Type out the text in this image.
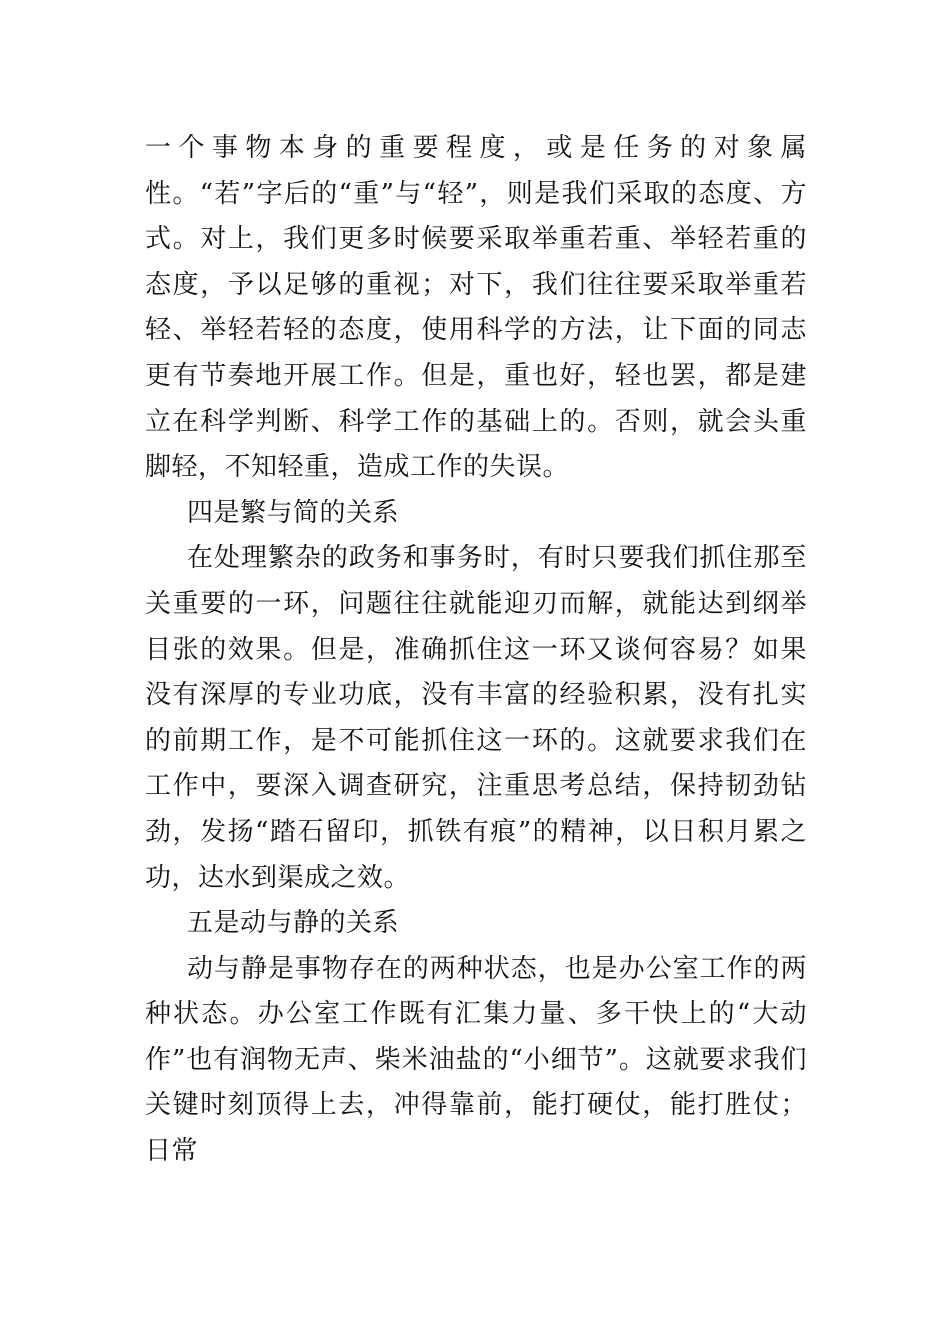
一个事物本身的重要程度，或是任务的对象属性。“若”字后的“重”与“轻”，则是我们采取的态度、方式。对上，我们更多时候要采取举重若重、举轻若重的态度，予以足够的重视；对下，我们往往要采取举重若轻、举轻若轻的态度，使用科学的方法，让下面的同志更有节奏地开展工作。但是，重也好，轻也罢，都是建立在科学判断、科学工作的基础上的。否则，就会头重脚轻，不知轻重，造成工作的失误。

四是繁与简的关系

在处理繁杂的政务和事务时，有时只要我们抓住那至关重要的一环，问题往往就能迎刃而解，就能达到纲举目张的效果。但是，准确抓住这一环又谈何容易？如果没有深厚的专业功底，没有丰富的经验积累，没有扎实的前期工作，是不可能抓住这一环的。这就要求我们在工作中，要深入调查研究，注重思考总结，保持韧劲钻劲，发扬“踏石留印，抓铁有痕”的精神，以日积月累之功，达水到渠成之效。

五是动与静的关系

动与静是事物存在的两种状态，也是办公室工作的两种状态。办公室工作既有汇集力量、多干快上的“大动作”也有润物无声、柴米油盐的“小细节”。这就要求我们关键时刻顶得上去，冲得靠前，能打硬仗，能打胜仗；日常
